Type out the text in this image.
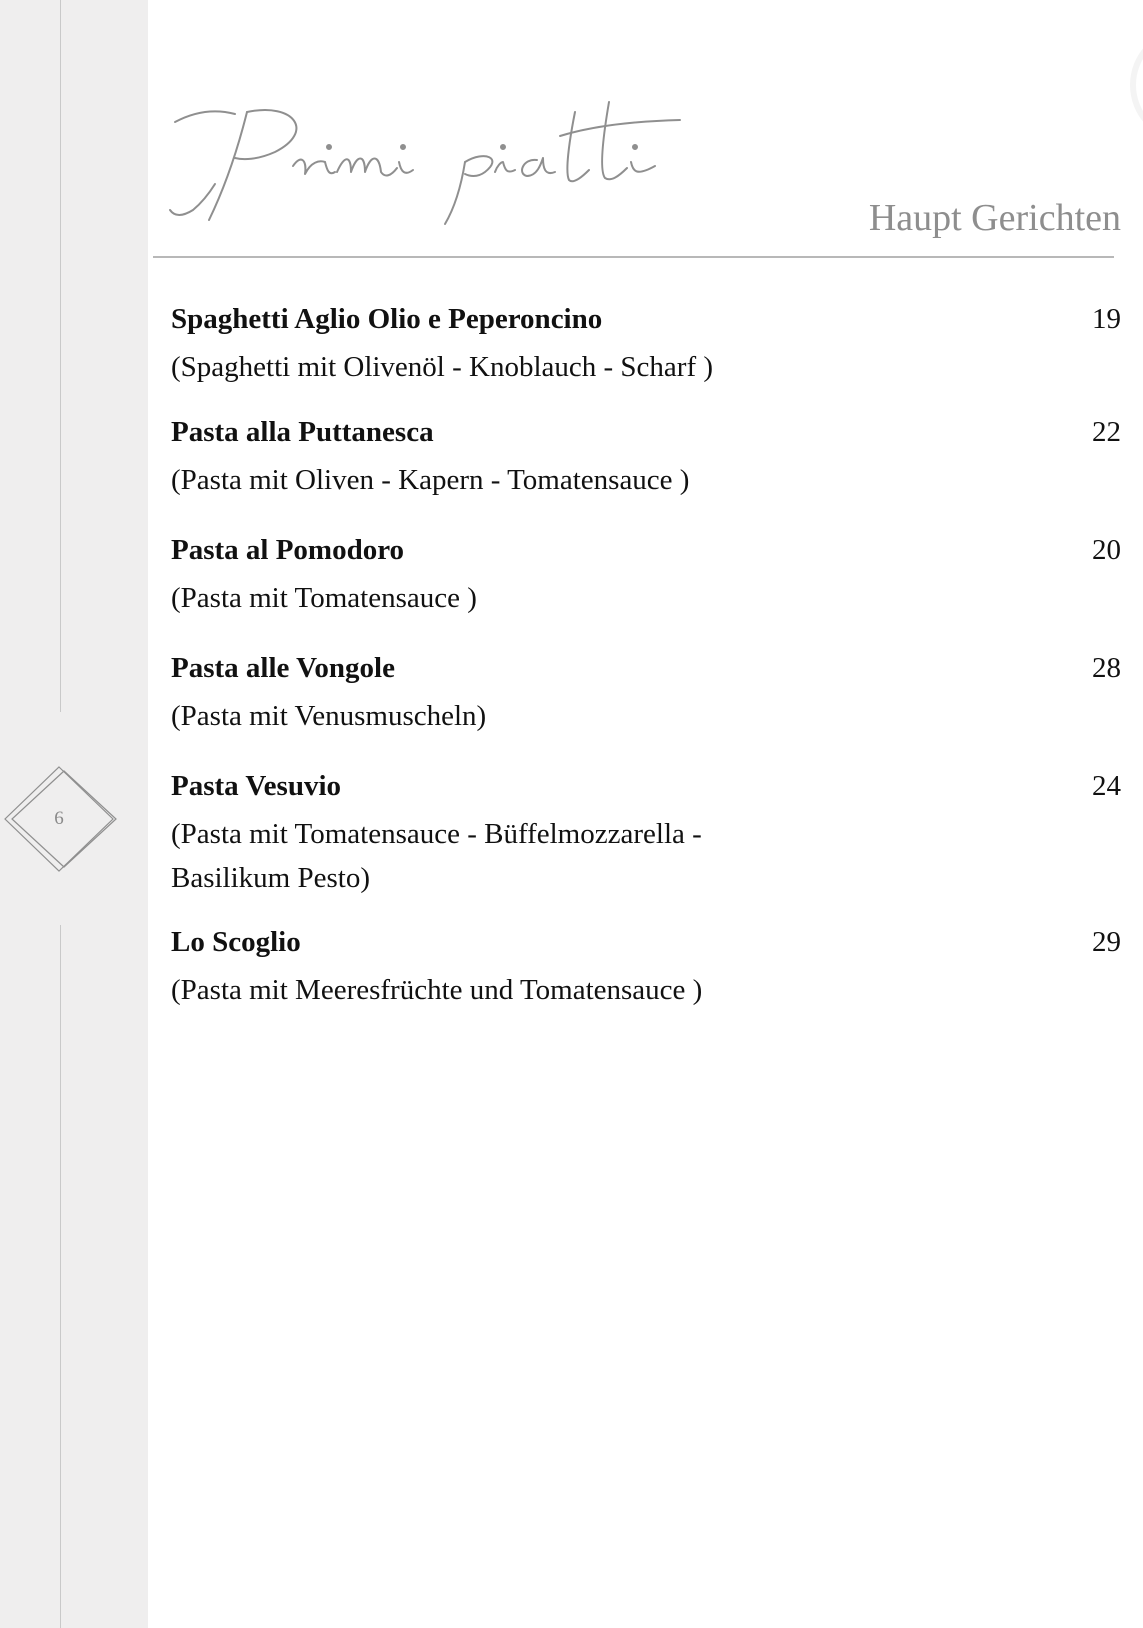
6
Haupt Gerichten
Spaghetti Aglio Olio e Peperoncino	19
(Spaghetti mit Olivenöl - Knoblauch - Scharf )
Pasta alla Puttanesca	22
(Pasta mit Oliven - Kapern - Tomatensauce )
Pasta al Pomodoro	20
(Pasta mit Tomatensauce )
Pasta alle Vongole	28
(Pasta mit Venusmuscheln)
Pasta Vesuvio	24
(Pasta mit Tomatensauce - Büffelmozzarella - Basilikum Pesto)
Lo Scoglio	29
(Pasta mit Meeresfrüchte und Tomatensauce )
